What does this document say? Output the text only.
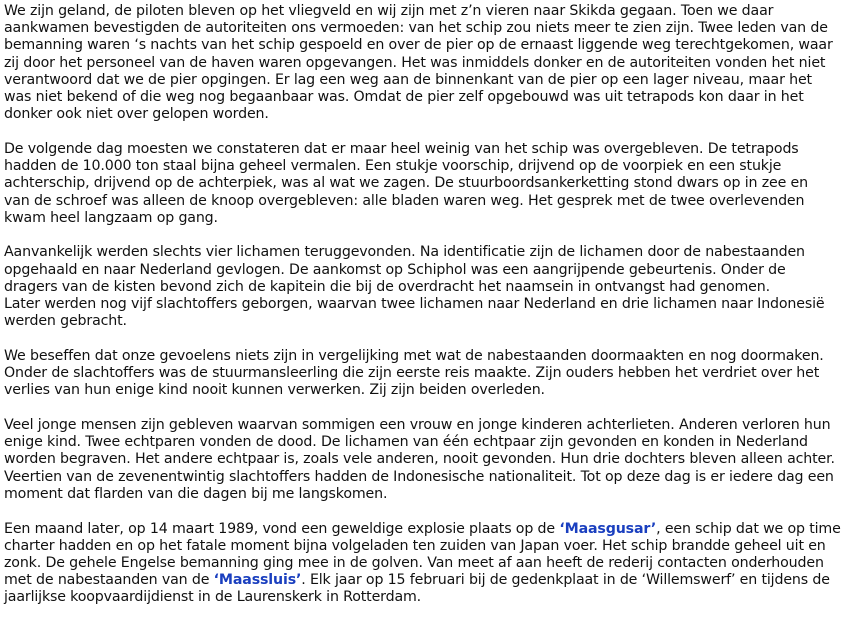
We zijn geland, de piloten bleven op het vliegveld en wij zijn met z’n vieren naar Skikda gegaan. Toen we daar
aankwamen bevestigden de autoriteiten ons vermoeden: van het schip zou niets meer te zien zijn. Twee leden van de
bemanning waren ‘s nachts van het schip gespoeld en over de pier op de ernaast liggende weg terechtgekomen, waar
zij door het personeel van de haven waren opgevangen. Het was inmiddels donker en de autoriteiten vonden het niet
verantwoord dat we de pier opgingen. Er lag een weg aan de binnenkant van de pier op een lager niveau, maar het
was niet bekend of die weg nog begaanbaar was. Omdat de pier zelf opgebouwd was uit tetrapods kon daar in het
donker ook niet over gelopen worden.

De volgende dag moesten we constateren dat er maar heel weinig van het schip was overgebleven. De tetrapods
hadden de 10.000 ton staal bijna geheel vermalen. Een stukje voorschip, drijvend op de voorpiek en een stukje
achterschip, drijvend op de achterpiek, was al wat we zagen. De stuurboordsankerketting stond dwars op in zee en
van de schroef was alleen de knoop overgebleven: alle bladen waren weg. Het gesprek met de twee overlevenden
kwam heel langzaam op gang.

Aanvankelijk werden slechts vier lichamen teruggevonden. Na identificatie zijn de lichamen door de nabestaanden
opgehaald en naar Nederland gevlogen. De aankomst op Schiphol was een aangrijpende gebeurtenis. Onder de
dragers van de kisten bevond zich de kapitein die bij de overdracht het naamsein in ontvangst had genomen.
Later werden nog vijf slachtoffers geborgen, waarvan twee lichamen naar Nederland en drie lichamen naar Indonesië
werden gebracht.

We beseffen dat onze gevoelens niets zijn in vergelijking met wat de nabestaanden doormaakten en nog doormaken.
Onder de slachtoffers was de stuurmansleerling die zijn eerste reis maakte. Zijn ouders hebben het verdriet over het
verlies van hun enige kind nooit kunnen verwerken. Zij zijn beiden overleden.

Veel jonge mensen zijn gebleven waarvan sommigen een vrouw en jonge kinderen achterlieten. Anderen verloren hun
enige kind. Twee echtparen vonden de dood. De lichamen van één echtpaar zijn gevonden en konden in Nederland
worden begraven. Het andere echtpaar is, zoals vele anderen, nooit gevonden. Hun drie dochters bleven alleen achter.
Veertien van de zevenentwintig slachtoffers hadden de Indonesische nationaliteit. Tot op deze dag is er iedere dag een
moment dat flarden van die dagen bij me langskomen.

Een maand later, op 14 maart 1989, vond een geweldige explosie plaats op de ‘Maasgusar’, een schip dat we op time
charter hadden en op het fatale moment bijna volgeladen ten zuiden van Japan voer. Het schip brandde geheel uit en
zonk. De gehele Engelse bemanning ging mee in de golven. Van meet af aan heeft de rederij contacten onderhouden
met de nabestaanden van de ‘Maassluis’. Elk jaar op 15 februari bij de gedenkplaat in de ‘Willemswerf’ en tijdens de
jaarlijkse koopvaardijdienst in de Laurenskerk in Rotterdam.
